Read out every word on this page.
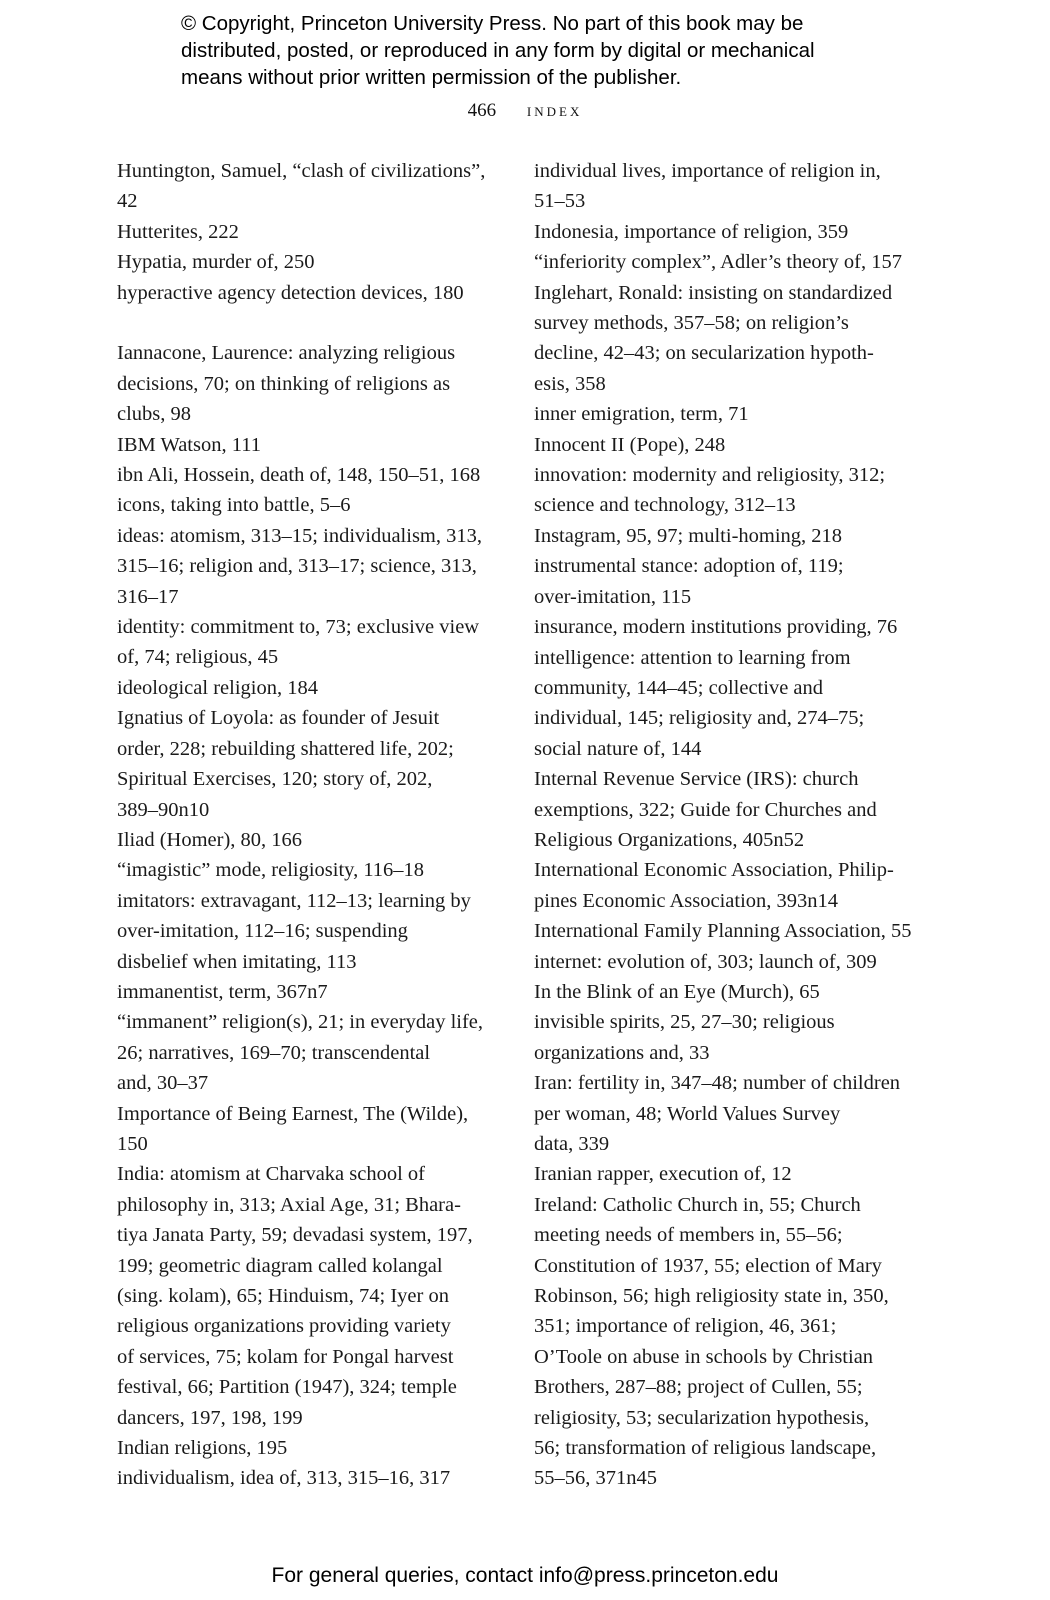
© Copyright, Princeton University Press. No part of this book may be
distributed, posted, or reproduced in any form by digital or mechanical
means without prior written permission of the publisher.
466 index
Huntington, Samuel, “clash of civilizations”,
42
Hutterites, 222
Hypatia, murder of, 250
hyperactive agency detection devices, 180
Iannacone, Laurence: analyzing religious
decisions, 70; on thinking of religions as
clubs, 98
IBM Watson, 111
ibn Ali, Hossein, death of, 148, 150–51, 168
icons, taking into battle, 5–6
ideas: atomism, 313–15; individualism, 313,
315–16; religion and, 313–17; science, 313,
316–17
identity: commitment to, 73; exclusive view
of, 74; religious, 45
ideological religion, 184
Ignatius of Loyola: as founder of Jesuit
order, 228; rebuilding shattered life, 202;
Spiritual Exercises, 120; story of, 202,
389–90n10
Iliad (Homer), 80, 166
“imagistic” mode, religiosity, 116–18
imitators: extravagant, 112–13; learning by
over-imitation, 112–16; suspending
disbelief when imitating, 113
immanentist, term, 367n7
“immanent” religion(s), 21; in everyday life,
26; narratives, 169–70; transcendental
and, 30–37
Importance of Being Earnest, The (Wilde),
150
India: atomism at Charvaka school of
philosophy in, 313; Axial Age, 31; Bhara-
tiya Janata Party, 59; devadasi system, 197,
199; geometric diagram called kolangal
(sing. kolam), 65; Hinduism, 74; Iyer on
religious organizations providing variety
of services, 75; kolam for Pongal harvest
festival, 66; Partition (1947), 324; temple
dancers, 197, 198, 199
Indian religions, 195
individualism, idea of, 313, 315–16, 317
individual lives, importance of religion in,
51–53
Indonesia, importance of religion, 359
“inferiority complex”, Adler’s theory of, 157
Inglehart, Ronald: insisting on standardized
survey methods, 357–58; on religion’s
decline, 42–43; on secularization hypoth-
esis, 358
inner emigration, term, 71
Innocent II (Pope), 248
innovation: modernity and religiosity, 312;
science and technology, 312–13
Instagram, 95, 97; multi-homing, 218
instrumental stance: adoption of, 119;
over-imitation, 115
insurance, modern institutions providing, 76
intelligence: attention to learning from
community, 144–45; collective and
individual, 145; religiosity and, 274–75;
social nature of, 144
Internal Revenue Service (IRS): church
exemptions, 322; Guide for Churches and
Religious Organizations, 405n52
International Economic Association, Philip-
pines Economic Association, 393n14
International Family Planning Association, 55
internet: evolution of, 303; launch of, 309
In the Blink of an Eye (Murch), 65
invisible spirits, 25, 27–30; religious
organizations and, 33
Iran: fertility in, 347–48; number of children
per woman, 48; World Values Survey
data, 339
Iranian rapper, execution of, 12
Ireland: Catholic Church in, 55; Church
meeting needs of members in, 55–56;
Constitution of 1937, 55; election of Mary
Robinson, 56; high religiosity state in, 350,
351; importance of religion, 46, 361;
O’Toole on abuse in schools by Christian
Brothers, 287–88; project of Cullen, 55;
religiosity, 53; secularization hypothesis,
56; transformation of religious landscape,
55–56, 371n45
For general queries, contact info@press.princeton.edu
